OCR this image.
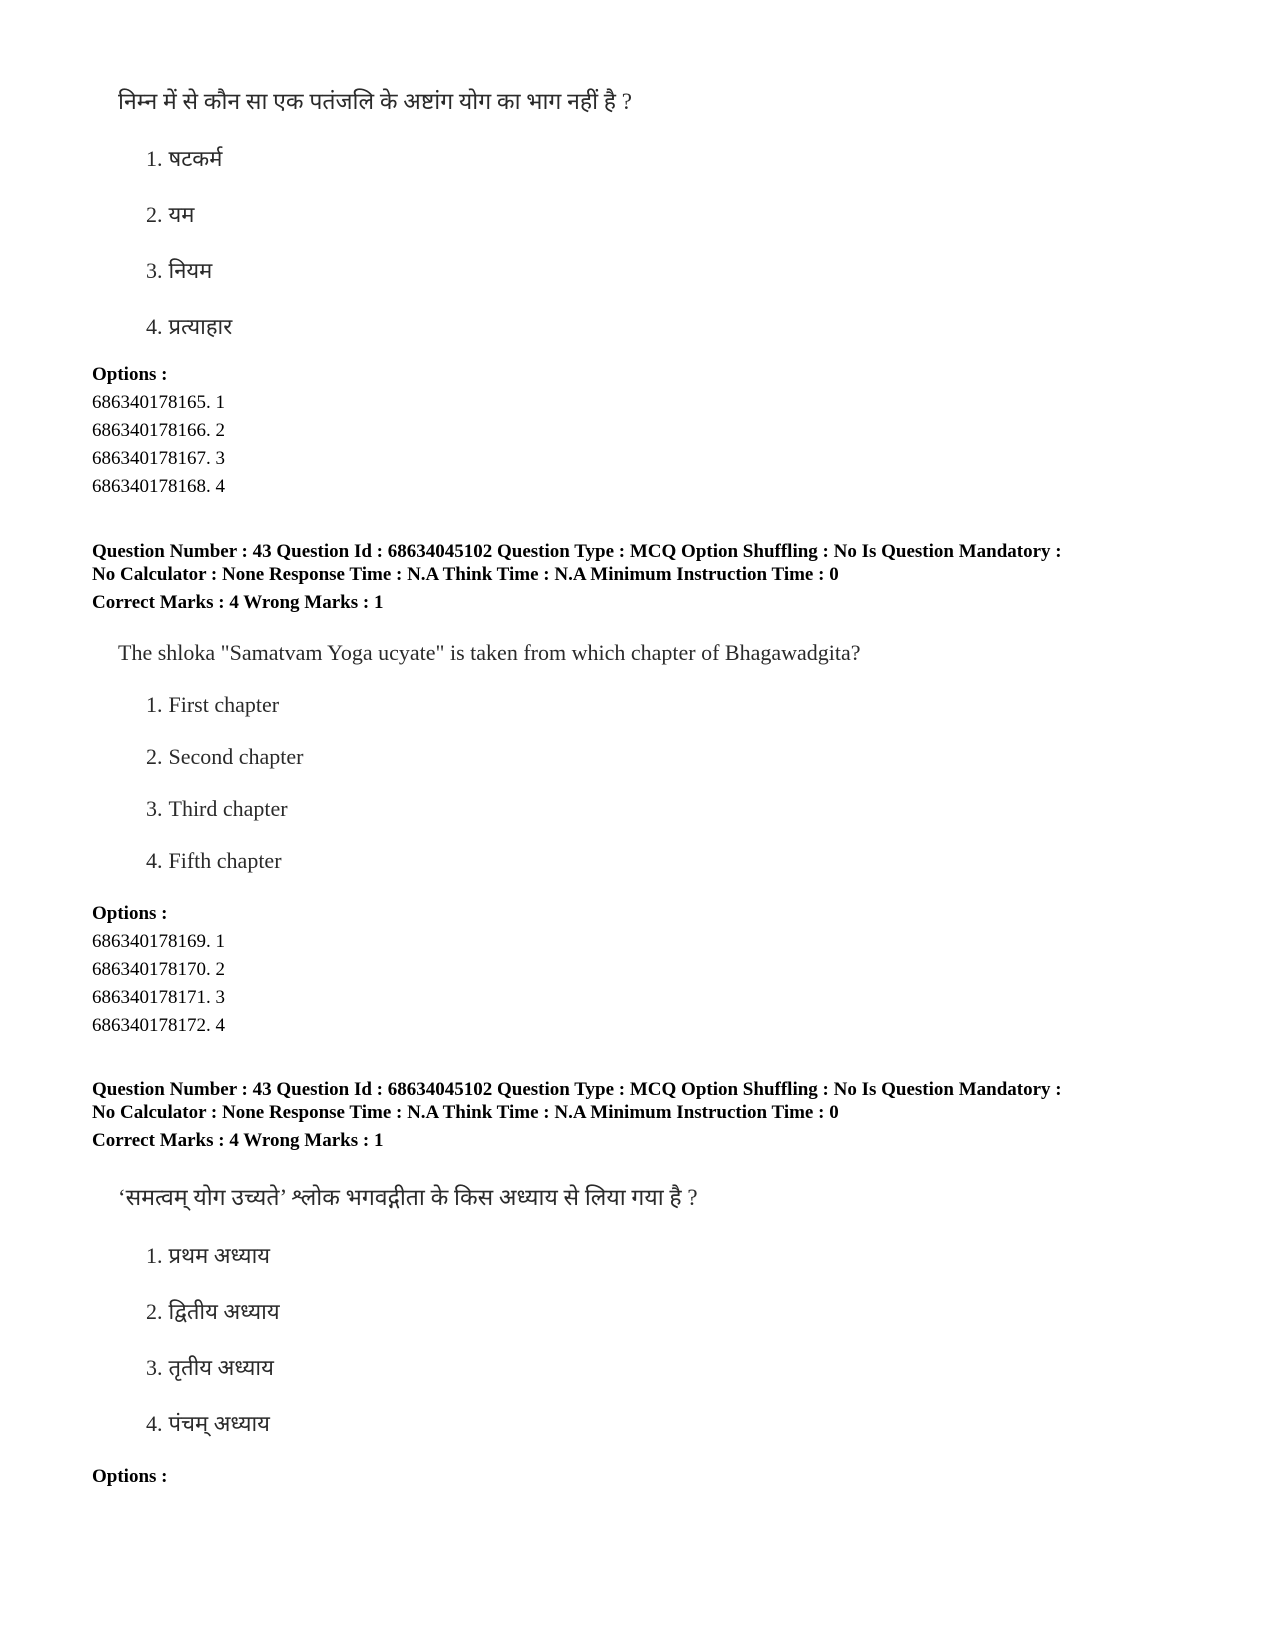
निम्न में से कौन सा एक पतंजलि के अष्टांग योग का भाग नहीं है ?
1. षटकर्म
2. यम
3. नियम
4. प्रत्याहार
Options :
686340178165. 1
686340178166. 2
686340178167. 3
686340178168. 4
Question Number : 43 Question Id : 68634045102 Question Type : MCQ Option Shuffling : No Is Question Mandatory :
No Calculator : None Response Time : N.A Think Time : N.A Minimum Instruction Time : 0
Correct Marks : 4 Wrong Marks : 1
The shloka "Samatvam Yoga ucyate" is taken from which chapter of Bhagawadgita?
1. First chapter
2. Second chapter
3. Third chapter
4. Fifth chapter
Options :
686340178169. 1
686340178170. 2
686340178171. 3
686340178172. 4
Question Number : 43 Question Id : 68634045102 Question Type : MCQ Option Shuffling : No Is Question Mandatory :
No Calculator : None Response Time : N.A Think Time : N.A Minimum Instruction Time : 0
Correct Marks : 4 Wrong Marks : 1
‘समत्वम् योग उच्यते’ श्लोक भगवद्गीता के किस अध्याय से लिया गया है ?
1. प्रथम अध्याय
2. द्वितीय अध्याय
3. तृतीय अध्याय
4. पंचम् अध्याय
Options :
